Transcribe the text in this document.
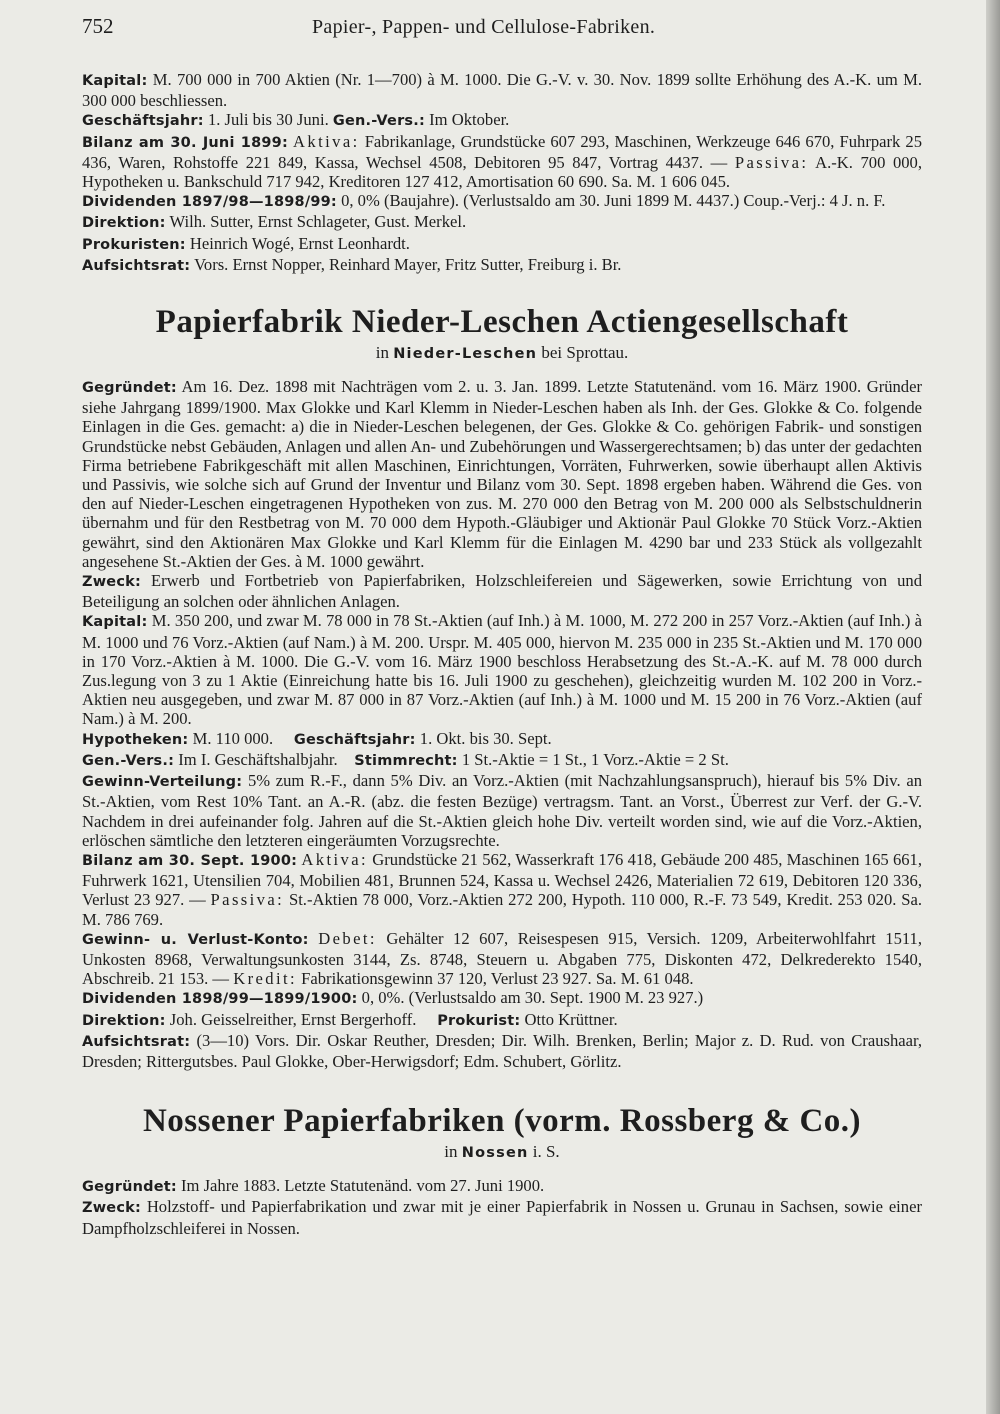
752	Papier-, Pappen- und Cellulose-Fabriken.

Kapital: M. 700 000 in 700 Aktien (Nr. 1—700) à M. 1000. Die G.-V. v. 30. Nov. 1899 sollte Erhöhung des A.-K. um M. 300 000 beschliessen.

Geschäftsjahr: 1. Juli bis 30 Juni. Gen.-Vers.: Im Oktober.

Bilanz am 30. Juni 1899: Aktiva: Fabrikanlage, Grundstücke 607 293, Maschinen, Werkzeuge 646 670, Fuhrpark 25 436, Waren, Rohstoffe 221 849, Kassa, Wechsel 4508, Debitoren 95 847, Vortrag 4437. — Passiva: A.-K. 700 000, Hypotheken u. Bankschuld 717 942, Kreditoren 127 412, Amortisation 60 690. Sa. M. 1 606 045.

Dividenden 1897/98—1898/99: 0, 0% (Baujahre). (Verlustsaldo am 30. Juni 1899 M. 4437.) Coup.-Verj.: 4 J. n. F.

Direktion: Wilh. Sutter, Ernst Schlageter, Gust. Merkel.

Prokuristen: Heinrich Wogé, Ernst Leonhardt.

Aufsichtsrat: Vors. Ernst Nopper, Reinhard Mayer, Fritz Sutter, Freiburg i. Br.

Papierfabrik Nieder-Leschen Actiengesellschaft

in Nieder-Leschen bei Sprottau.

Gegründet: Am 16. Dez. 1898 mit Nachträgen vom 2. u. 3. Jan. 1899. Letzte Statutenänd. vom 16. März 1900. Gründer siehe Jahrgang 1899/1900. Max Glokke und Karl Klemm in Nieder-Leschen haben als Inh. der Ges. Glokke & Co. folgende Einlagen in die Ges. gemacht: a) die in Nieder-Leschen belegenen, der Ges. Glokke & Co. gehörigen Fabrik- und sonstigen Grundstücke nebst Gebäuden, Anlagen und allen An- und Zubehörungen und Wassergerechtsamen; b) das unter der gedachten Firma betriebene Fabrikgeschäft mit allen Maschinen, Einrichtungen, Vorräten, Fuhrwerken, sowie überhaupt allen Aktivis und Passivis, wie solche sich auf Grund der Inventur und Bilanz vom 30. Sept. 1898 ergeben haben. Während die Ges. von den auf Nieder-Leschen eingetragenen Hypotheken von zus. M. 270 000 den Betrag von M. 200 000 als Selbstschuldnerin übernahm und für den Restbetrag von M. 70 000 dem Hypoth.-Gläubiger und Aktionär Paul Glokke 70 Stück Vorz.-Aktien gewährt, sind den Aktionären Max Glokke und Karl Klemm für die Einlagen M. 4290 bar und 233 Stück als vollgezahlt angesehene St.-Aktien der Ges. à M. 1000 gewährt.

Zweck: Erwerb und Fortbetrieb von Papierfabriken, Holzschleifereien und Sägewerken, sowie Errichtung von und Beteiligung an solchen oder ähnlichen Anlagen.

Kapital: M. 350 200, und zwar M. 78 000 in 78 St.-Aktien (auf Inh.) à M. 1000, M. 272 200 in 257 Vorz.-Aktien (auf Inh.) à M. 1000 und 76 Vorz.-Aktien (auf Nam.) à M. 200. Urspr. M. 405 000, hiervon M. 235 000 in 235 St.-Aktien und M. 170 000 in 170 Vorz.-Aktien à M. 1000. Die G.-V. vom 16. März 1900 beschloss Herabsetzung des St.-A.-K. auf M. 78 000 durch Zus.legung von 3 zu 1 Aktie (Einreichung hatte bis 16. Juli 1900 zu geschehen), gleichzeitig wurden M. 102 200 in Vorz.-Aktien neu ausgegeben, und zwar M. 87 000 in 87 Vorz.-Aktien (auf Inh.) à M. 1000 und M. 15 200 in 76 Vorz.-Aktien (auf Nam.) à M. 200.

Hypotheken: M. 110 000. Geschäftsjahr: 1. Okt. bis 30. Sept.

Gen.-Vers.: Im I. Geschäftshalbjahr. Stimmrecht: 1 St.-Aktie = 1 St., 1 Vorz.-Aktie = 2 St.

Gewinn-Verteilung: 5% zum R.-F., dann 5% Div. an Vorz.-Aktien (mit Nachzahlungsanspruch), hierauf bis 5% Div. an St.-Aktien, vom Rest 10% Tant. an A.-R. (abz. die festen Bezüge) vertragsm. Tant. an Vorst., Überrest zur Verf. der G.-V. Nachdem in drei aufeinander folg. Jahren auf die St.-Aktien gleich hohe Div. verteilt worden sind, wie auf die Vorz.-Aktien, erlöschen sämtliche den letzteren eingeräumten Vorzugsrechte.

Bilanz am 30. Sept. 1900: Aktiva: Grundstücke 21 562, Wasserkraft 176 418, Gebäude 200 485, Maschinen 165 661, Fuhrwerk 1621, Utensilien 704, Mobilien 481, Brunnen 524, Kassa u. Wechsel 2426, Materialien 72 619, Debitoren 120 336, Verlust 23 927. — Passiva: St.-Aktien 78 000, Vorz.-Aktien 272 200, Hypoth. 110 000, R.-F. 73 549, Kredit. 253 020. Sa. M. 786 769.

Gewinn- u. Verlust-Konto: Debet: Gehälter 12 607, Reisespesen 915, Versich. 1209, Arbeiterwohlfahrt 1511, Unkosten 8968, Verwaltungsunkosten 3144, Zs. 8748, Steuern u. Abgaben 775, Diskonten 472, Delkrederekto 1540, Abschreib. 21 153. — Kredit: Fabrikationsgewinn 37 120, Verlust 23 927. Sa. M. 61 048.

Dividenden 1898/99—1899/1900: 0, 0%. (Verlustsaldo am 30. Sept. 1900 M. 23 927.)

Direktion: Joh. Geisselreither, Ernst Bergerhoff. Prokurist: Otto Krüttner.

Aufsichtsrat: (3—10) Vors. Dir. Oskar Reuther, Dresden; Dir. Wilh. Brenken, Berlin; Major z. D. Rud. von Craushaar, Dresden; Rittergutsbes. Paul Glokke, Ober-Herwigsdorf; Edm. Schubert, Görlitz.

Nossener Papierfabriken (vorm. Rossberg & Co.)

in Nossen i. S.

Gegründet: Im Jahre 1883. Letzte Statutenänd. vom 27. Juni 1900.

Zweck: Holzstoff- und Papierfabrikation und zwar mit je einer Papierfabrik in Nossen u. Grunau in Sachsen, sowie einer Dampfholzschleiferei in Nossen.
